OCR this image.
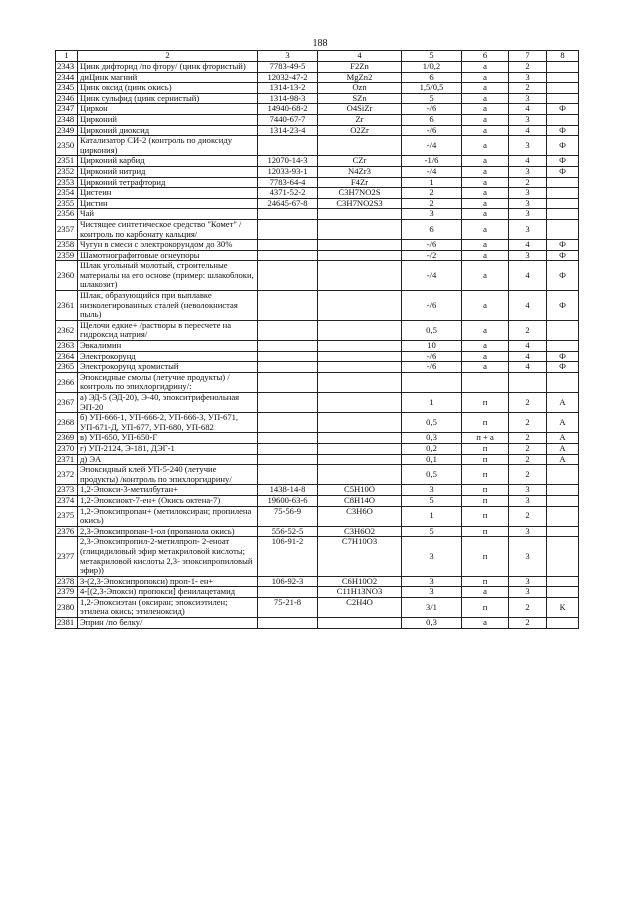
188
1	2	3	4	5	6	7	8
2343	Цинк дифторид /по фтору/ (цинк фтористый)	7783-49-5	F2Zn	1/0,2	а	2	
2344	диЦинк магний	12032-47-2	MgZn2	6	а	3	
2345	Цинк оксид (цинк окись)	1314-13-2	Ozn	1,5/0,5	а	2	
2346	Цинк сульфид (цинк сернистый)	1314-98-3	SZn	5	а	3	
2347	Циркон	14940-68-2	O4SiZr	-/6	а	4	Ф
2348	Цирконий	7440-67-7	Zr	6	а	3	
2349	Цирконий диоксид	1314-23-4	O2Zr	-/6	а	4	Ф
2350	Катализатор СИ-2 (контроль по диоксиду циркония)			-/4	а	3	Ф
2351	Цирконий карбид	12070-14-3	CZr	-1/6	а	4	Ф
2352	Цирконий нитрид	12033-93-1	N4Zr3	-/4	а	3	Ф
2353	Цирконий тетрафторид	7783-64-4	F4Zr	1	а	2	
2354	Цистеин	4371-52-2	C3H7NO2S	2	а	3	
2355	Цистин	24645-67-8	C3H7NO2S3	2	а	3	
2356	Чай			3	а	3	
2357	Чистящее синтетическое средство "Комет" /контроль по карбонату кальция/			6	а	3	
2358	Чугун в смеси с электрокорундом до 30%			-/6	а	4	Ф
2359	Шамотнографитовые огнеупоры			-/2	а	3	Ф
2360	Шлак угольный молотый, строительные материалы на его основе (пример: шлакоблоки, шлакозит)			-/4	а	4	Ф
2361	Шлак, образующийся при выплавке низколегированных сталей (неволокнистая пыль)			-/6	а	4	Ф
2362	Щелочи едкие+ /растворы в пересчете на гидроксид натрия/			0,5	а	2	
2363	Эвкалимин			10	а	4	
2364	Электрокорунд			-/6	а	4	Ф
2365	Электрокорунд хромистый			-/6	а	4	Ф
2366	Эпоксидные смолы (летучие продукты) /контроль по эпихлоргидрину/:						
2367	а) ЭД-5 (ЭД-20), Э-40, эпокситрифенольная ЭП-20			1	п	2	А
2368	б) УП-666-1, УП-666-2, УП-666-3, УП-671, УП-671-Д, УП-677, УП-680, УП-682			0,5	п	2	А
2369	в) УП-650, УП-650-Г			0,3	п + а	2	А
2370	г) УП-2124, Э-181, ДЭГ-1			0,2	п	2	А
2371	д) ЭА			0,1	п	2	А
2372	Эпоксидный клей УП-5-240 (летучие продукты) /контроль по эпихлоргидрину/			0,5	п	2	
2373	1,2-Эпокси-3-метилбутан+	1438-14-8	C5H10O	3	п	3	
2374	1,2-Эпоксиокт-7-ен+ (Окись октена-7)	19600-63-6	C8H14O	5	п	3	
2375	1,2-Эпоксипропан+ (метилоксиран; пропилена окись)	75-56-9	C3H6O	1	п	2	
2376	2,3-Эпоксипропан-1-ол (пропанола окись)	556-52-5	C3H6O2	5	п	3	
2377	2,3-Эпоксипропил-2-метилпроп- 2-еноат (глицидиловый эфир метакриловой кислоты; метакриловой кислоты 2,3- эпоксипропиловый эфир))	106-91-2	C7H10O3	3	п	3	
2378	3-(2,3-Эпоксипропокси) проп-1- ен+	106-92-3	C6H10O2	3	п	3	
2379	4-[(2,3-Эпокси) пропокси] фенилацетамид		C11H13NO3	3	а	3	
2380	1,2-Эпоксиэтан (оксиран; эпоксиэтилен; этилена окись; этиленоксид)	75-21-8	C2H4O	3/1	п	2	К
2381	Эприн /по белку/			0,3	а	2	
